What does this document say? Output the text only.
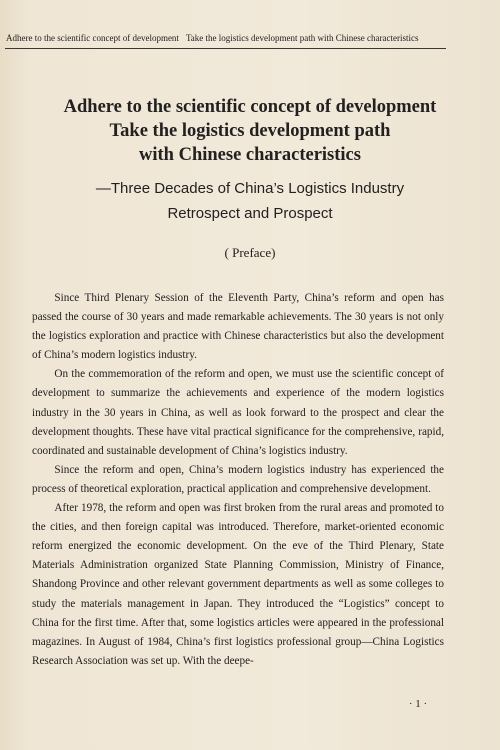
Adhere to the scientific concept of development Take the logistics development path with Chinese characteristics
Adhere to the scientific concept of development
Take the logistics development path
with Chinese characteristics
—Three Decades of China’s Logistics Industry
Retrospect and Prospect
( Preface)

Since Third Plenary Session of the Eleventh Party, China’s reform and open has passed the course of 30 years and made remarkable achievements. The 30 years is not only the logistics exploration and practice with Chinese characteristics but also the development of China’s modern logistics industry.

On the commemoration of the reform and open, we must use the scientific concept of development to summarize the achievements and experience of the modern logistics industry in the 30 years in China, as well as look forward to the prospect and clear the development thoughts. These have vital practical significance for the comprehensive, rapid, coordinated and sustainable development of China’s logistics industry.

Since the reform and open, China’s modern logistics industry has experienced the process of theoretical exploration, practical application and comprehensive development.

After 1978, the reform and open was first broken from the rural areas and promoted to the cities, and then foreign capital was introduced. Therefore, market-oriented economic reform energized the economic development. On the eve of the Third Plenary, State Materials Administration organized State Planning Commission, Ministry of Finance, Shandong Province and other relevant government departments as well as some colleges to study the materials management in Japan. They introduced the “Logistics” concept to China for the first time. After that, some logistics articles were appeared in the professional magazines. In August of 1984, China’s first logistics professional group—China Logistics Research Association was set up. With the deepe-

· 1 ·
